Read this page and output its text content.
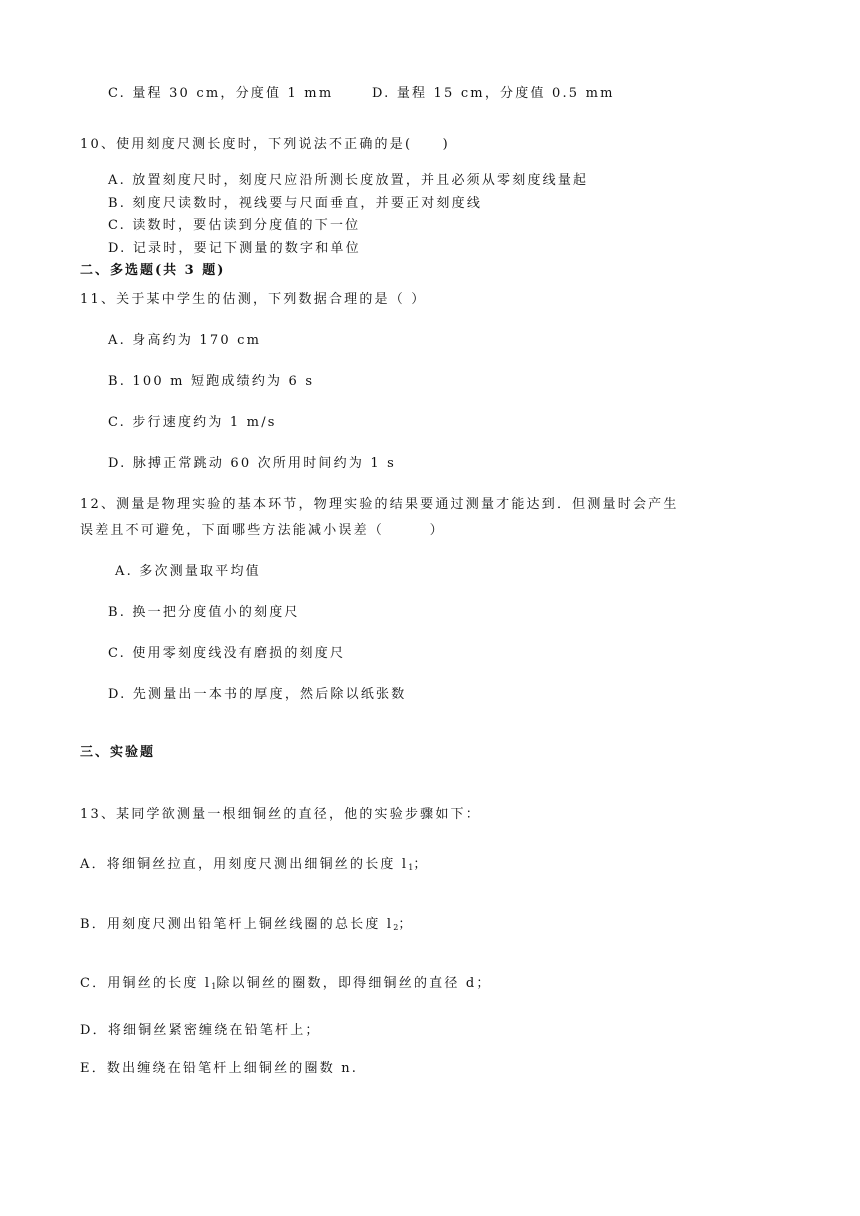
C. 量程 30 cm，分度值 1 mm	D. 量程 15 cm，分度值 0.5 mm
10、使用刻度尺测长度时，下列说法不正确的是(　　)
A. 放置刻度尺时，刻度尺应沿所测长度放置，并且必须从零刻度线量起
B. 刻度尺读数时，视线要与尺面垂直，并要正对刻度线
C. 读数时，要估读到分度值的下一位
D. 记录时，要记下测量的数字和单位
二、多选题(共 3 题)
11、关于某中学生的估测，下列数据合理的是（ ）
A. 身高约为 170 cm
B. 100 m 短跑成绩约为 6 s
C. 步行速度约为 1 m/s
D. 脉搏正常跳动 60 次所用时间约为 1 s
12、测量是物理实验的基本环节，物理实验的结果要通过测量才能达到．但测量时会产生
误差且不可避免，下面哪些方法能减小误差（　　　）
A. 多次测量取平均值
B. 换一把分度值小的刻度尺
C. 使用零刻度线没有磨损的刻度尺
D. 先测量出一本书的厚度，然后除以纸张数
三、实验题
13、某同学欲测量一根细铜丝的直径，他的实验步骤如下：
A．将细铜丝拉直，用刻度尺测出细铜丝的长度 $l_1$；
B．用刻度尺测出铅笔杆上铜丝线圈的总长度 $l_2$；
C．用铜丝的长度 $l_1$除以铜丝的圈数，即得细铜丝的直径 d；
D．将细铜丝紧密缠绕在铅笔杆上；
E．数出缠绕在铅笔杆上细铜丝的圈数 n.
